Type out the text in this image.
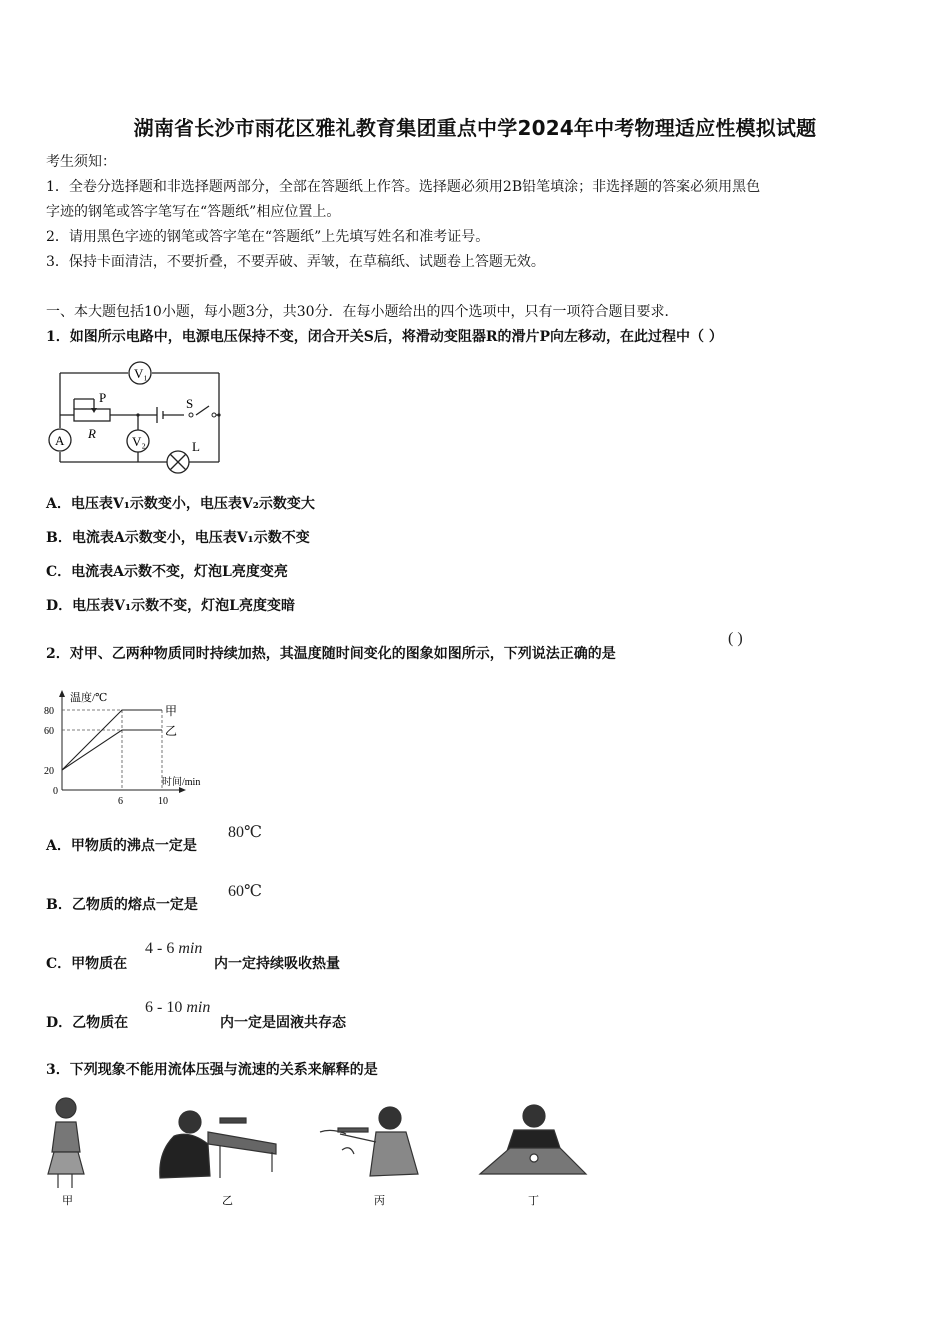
湖南省长沙市雨花区雅礼教育集团重点中学2024年中考物理适应性模拟试题
考生须知：
1．全卷分选择题和非选择题两部分，全部在答题纸上作答。选择题必须用2B铅笔填涂；非选择题的答案必须用黑色
字迹的钢笔或答字笔写在“答题纸”相应位置上。
2．请用黑色字迹的钢笔或答字笔在“答题纸”上先填写姓名和准考证号。
3．保持卡面清洁，不要折叠，不要弄破、弄皱，在草稿纸、试题卷上答题无效。
一、本大题包括10小题，每小题3分，共30分．在每小题给出的四个选项中，只有一项符合题目要求．
1．如图所示电路中，电源电压保持不变，闭合开关S后，将滑动变阻器R的滑片P向左移动，在此过程中（ ）
V₁
A	V₂
P
R
S
L
A．电压表V₁示数变小，电压表V₂示数变大
B．电流表A示数变小，电压表V₁示数不变
C．电流表A示数不变，灯泡L亮度变亮
D．电压表V₁示数不变，灯泡L亮度变暗
2．对甲、乙两种物质同时持续加热，其温度随时间变化的图象如图所示，下列说法正确的是
( )
温度/℃
时间/min
0
6	10
80
60
20
甲
乙
A．甲物质的沸点一定是
80℃
B．乙物质的熔点一定是
60℃
C．甲物质在
4 - 6 min
内一定持续吸收热量
D．乙物质在
6 - 10 min
内一定是固液共存态
3．下列现象不能用流体压强与流速的关系来解释的是
甲	乙	丙	丁
